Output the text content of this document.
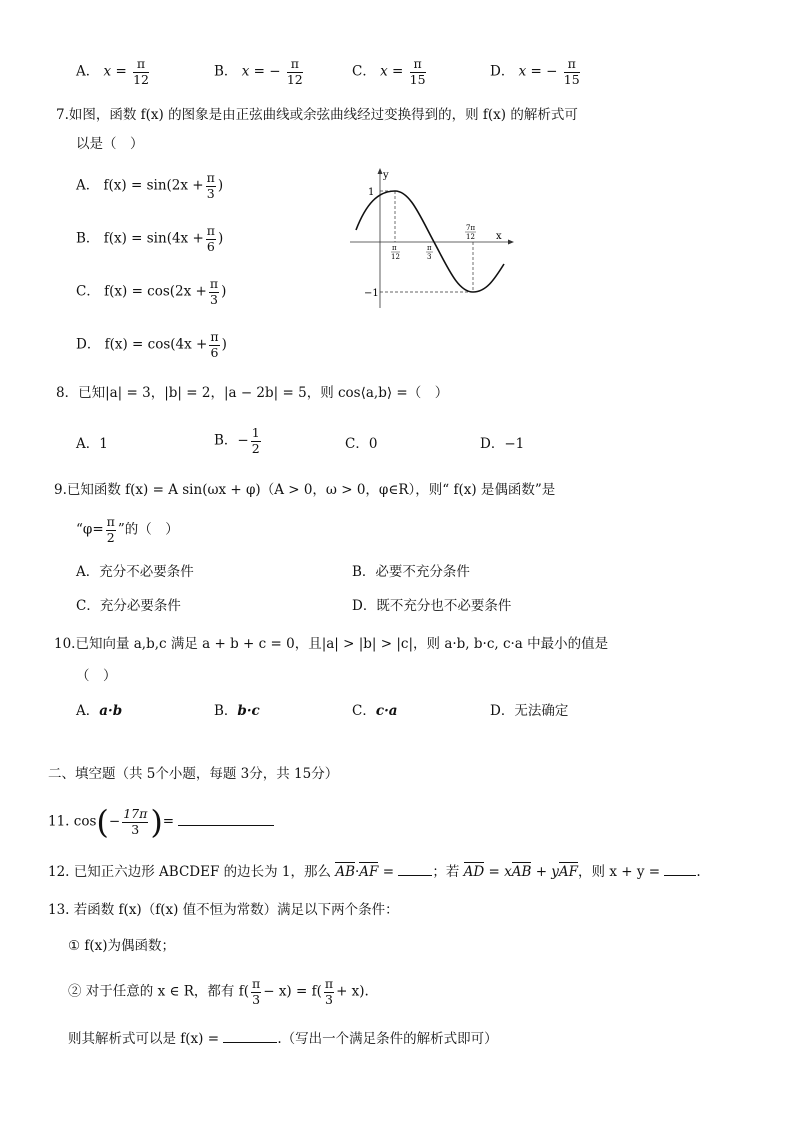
A． $x = \frac{\pi}{12}$	B． x = − $\frac{\pi}{12}$	C． $x = \frac{\pi}{15}$	D． x = − $\frac{\pi}{15}$
7.如图，函数 f(x) 的图象是由正弦曲线或余弦曲线经过变换得到的，则 f(x) 的解析式可
以是（　）
A． $f(x) = \sin(2x + \frac{\pi}{3}$ )
B． $f(x) = \sin(4x + \frac{\pi}{6}$ )
C． $f(x) = \cos(2x + \frac{\pi}{3}$ )
D． $f(x) = \cos(4x + \frac{\pi}{6}$ )
y
x
1
−1
π
12
π
3
7π
12
8．已知|a| = 3，|b| = 2，|a − 2b| = 5，则 cos⟨a,b⟩ =（　）
A．1	B．− $\frac{1}{2}$	C．0	D．−1
9.已知函数 f(x) = A sin(ωx + φ)（A > 0，ω > 0，φ∈R），则“ f(x) 是偶函数”是
“$\varphi= \frac{\pi}{2}$ ”的（　）
A．充分不必要条件	B．必要不充分条件
C．充分必要条件	D．既不充分也不必要条件
10.已知向量 a,b,c 满足 a + b + c = 0，且|a| > |b| > |c|，则 a·b, b·c, c·a 中最小的值是
（　）
A．a·b	B．b·c	C．c·a	D．无法确定
二、填空题（共 5个小题，每题 3分，共 15分）
11. $\cos(- \frac{17\pi}{3}$ )=
12. 已知正六边形 ABCDEF 的边长为 1，那么 AB·AF =	；若 AD = xAB + yAF，则 x + y =	.
13. 若函数 f(x)（f(x) 值不恒为常数）满足以下两个条件：
① f(x)为偶函数；
② 对于任意的 x ∈ R，都有 $f( \frac{\pi}{3} - x) = f( \frac{\pi}{3} + x)$.
则其解析式可以是 f(x) =	.（写出一个满足条件的解析式即可）
